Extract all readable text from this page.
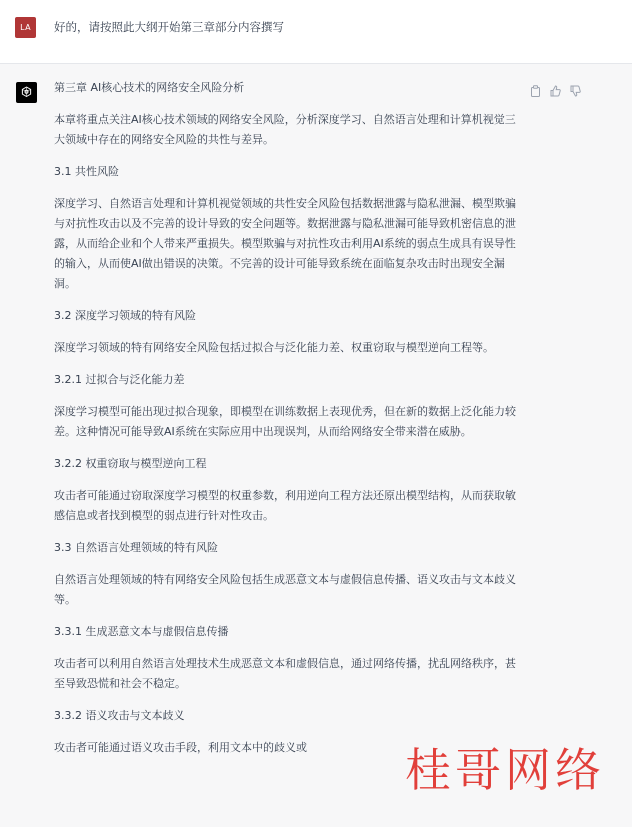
LA	好的，请按照此大纲开始第三章部分内容撰写

第三章 AI核心技术的网络安全风险分析

本章将重点关注AI核心技术领域的网络安全风险，分析深度学习、自然语言处理和计算机视觉三大领域中存在的网络安全风险的共性与差异。

3.1 共性风险

深度学习、自然语言处理和计算机视觉领域的共性安全风险包括数据泄露与隐私泄漏、模型欺骗与对抗性攻击以及不完善的设计导致的安全问题等。数据泄露与隐私泄漏可能导致机密信息的泄露，从而给企业和个人带来严重损失。模型欺骗与对抗性攻击利用AI系统的弱点生成具有误导性的输入，从而使AI做出错误的决策。不完善的设计可能导致系统在面临复杂攻击时出现安全漏洞。

3.2 深度学习领域的特有风险

深度学习领域的特有网络安全风险包括过拟合与泛化能力差、权重窃取与模型逆向工程等。

3.2.1 过拟合与泛化能力差

深度学习模型可能出现过拟合现象，即模型在训练数据上表现优秀，但在新的数据上泛化能力较差。这种情况可能导致AI系统在实际应用中出现误判，从而给网络安全带来潜在威胁。

3.2.2 权重窃取与模型逆向工程

攻击者可能通过窃取深度学习模型的权重参数，利用逆向工程方法还原出模型结构，从而获取敏感信息或者找到模型的弱点进行针对性攻击。

3.3 自然语言处理领域的特有风险

自然语言处理领域的特有网络安全风险包括生成恶意文本与虚假信息传播、语义攻击与文本歧义等。

3.3.1 生成恶意文本与虚假信息传播

攻击者可以利用自然语言处理技术生成恶意文本和虚假信息，通过网络传播，扰乱网络秩序，甚至导致恐慌和社会不稳定。

3.3.2 语义攻击与文本歧义

攻击者可能通过语义攻击手段，利用文本中的歧义或	桂哥网络
